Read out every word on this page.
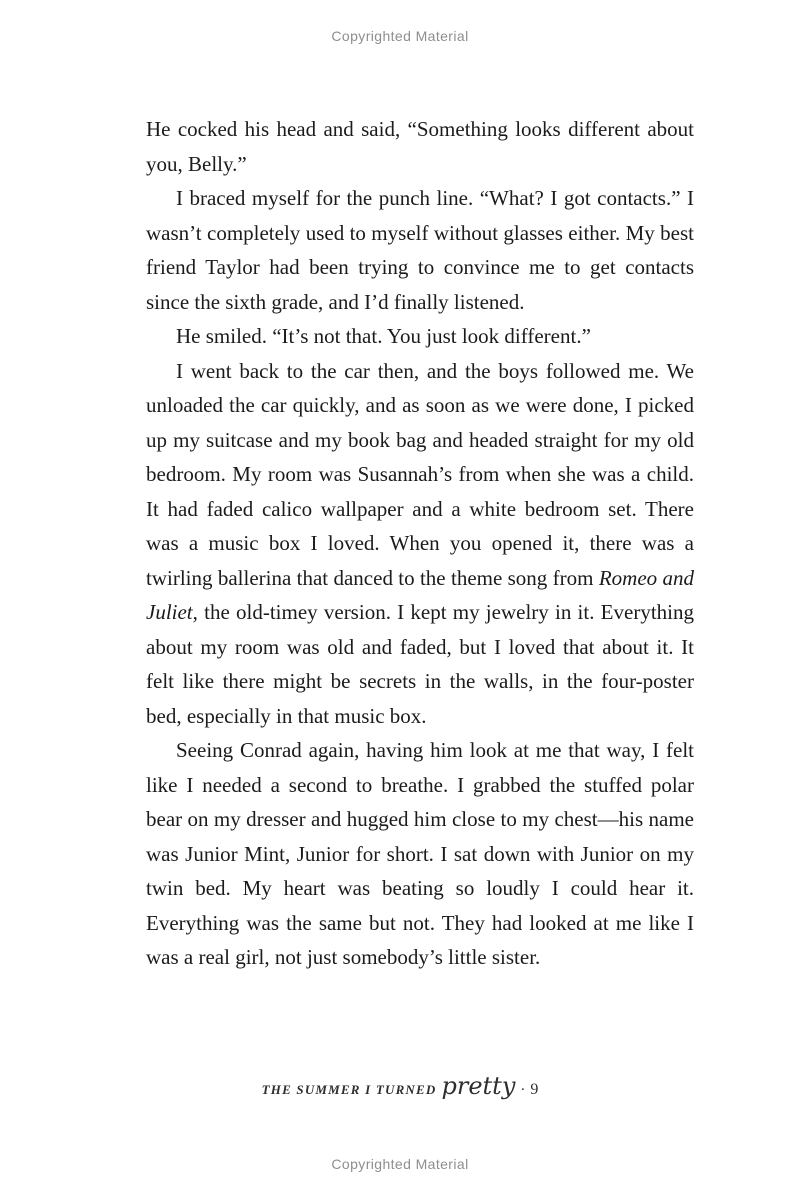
Copyrighted Material

He cocked his head and said, “Something looks different about you, Belly.”

I braced myself for the punch line. “What? I got contacts.” I wasn’t completely used to myself without glasses either. My best friend Taylor had been trying to convince me to get contacts since the sixth grade, and I’d finally listened.

He smiled. “It’s not that. You just look different.”

I went back to the car then, and the boys followed me. We unloaded the car quickly, and as soon as we were done, I picked up my suitcase and my book bag and headed straight for my old bedroom. My room was Susannah’s from when she was a child. It had faded calico wallpaper and a white bedroom set. There was a music box I loved. When you opened it, there was a twirling ballerina that danced to the theme song from Romeo and Juliet, the old-timey version. I kept my jewelry in it. Everything about my room was old and faded, but I loved that about it. It felt like there might be secrets in the walls, in the four-poster bed, especially in that music box.

Seeing Conrad again, having him look at me that way, I felt like I needed a second to breathe. I grabbed the stuffed polar bear on my dresser and hugged him close to my chest—his name was Junior Mint, Junior for short. I sat down with Junior on my twin bed. My heart was beating so loudly I could hear it. Everything was the same but not. They had looked at me like I was a real girl, not just somebody’s little sister.

THE SUMMER I TURNED pretty · 9
Copyrighted Material
